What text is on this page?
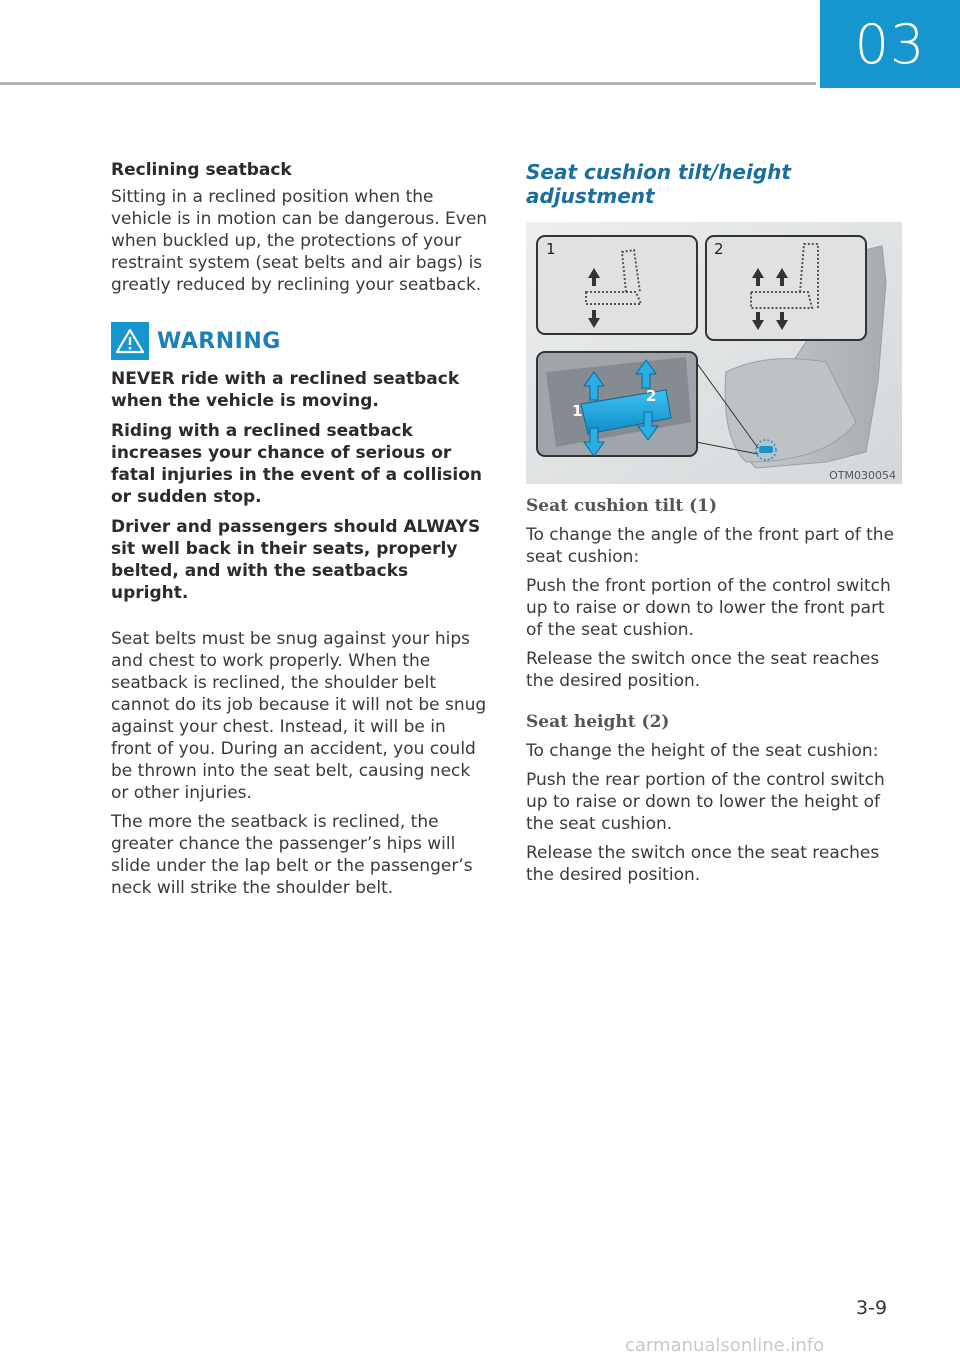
03
Reclining seatback

Sitting in a reclined position when the vehicle is in motion can be dangerous. Even when buckled up, the protections of your restraint system (seat belts and air bags) is greatly reduced by reclining your seatback.

WARNING

NEVER ride with a reclined seatback when the vehicle is moving.

Riding with a reclined seatback increases your chance of serious or fatal injuries in the event of a collision or sudden stop.

Driver and passengers should ALWAYS sit well back in their seats, properly belted, and with the seatbacks upright.

Seat belts must be snug against your hips and chest to work properly. When the seatback is reclined, the shoulder belt cannot do its job because it will not be snug against your chest. Instead, it will be in front of you. During an accident, you could be thrown into the seat belt, causing neck or other injuries.

The more the seatback is reclined, the greater chance the passenger’s hips will slide under the lap belt or the passenger’s neck will strike the shoulder belt.

Seat cushion tilt/height adjustment
1	2
1
2
OTM030054
Seat cushion tilt (1)

To change the angle of the front part of the seat cushion:

Push the front portion of the control switch up to raise or down to lower the front part of the seat cushion.

Release the switch once the seat reaches the desired position.

Seat height (2)

To change the height of the seat cushion:

Push the rear portion of the control switch up to raise or down to lower the height of the seat cushion.

Release the switch once the seat reaches the desired position.

3-9
carmanualsonline.info
